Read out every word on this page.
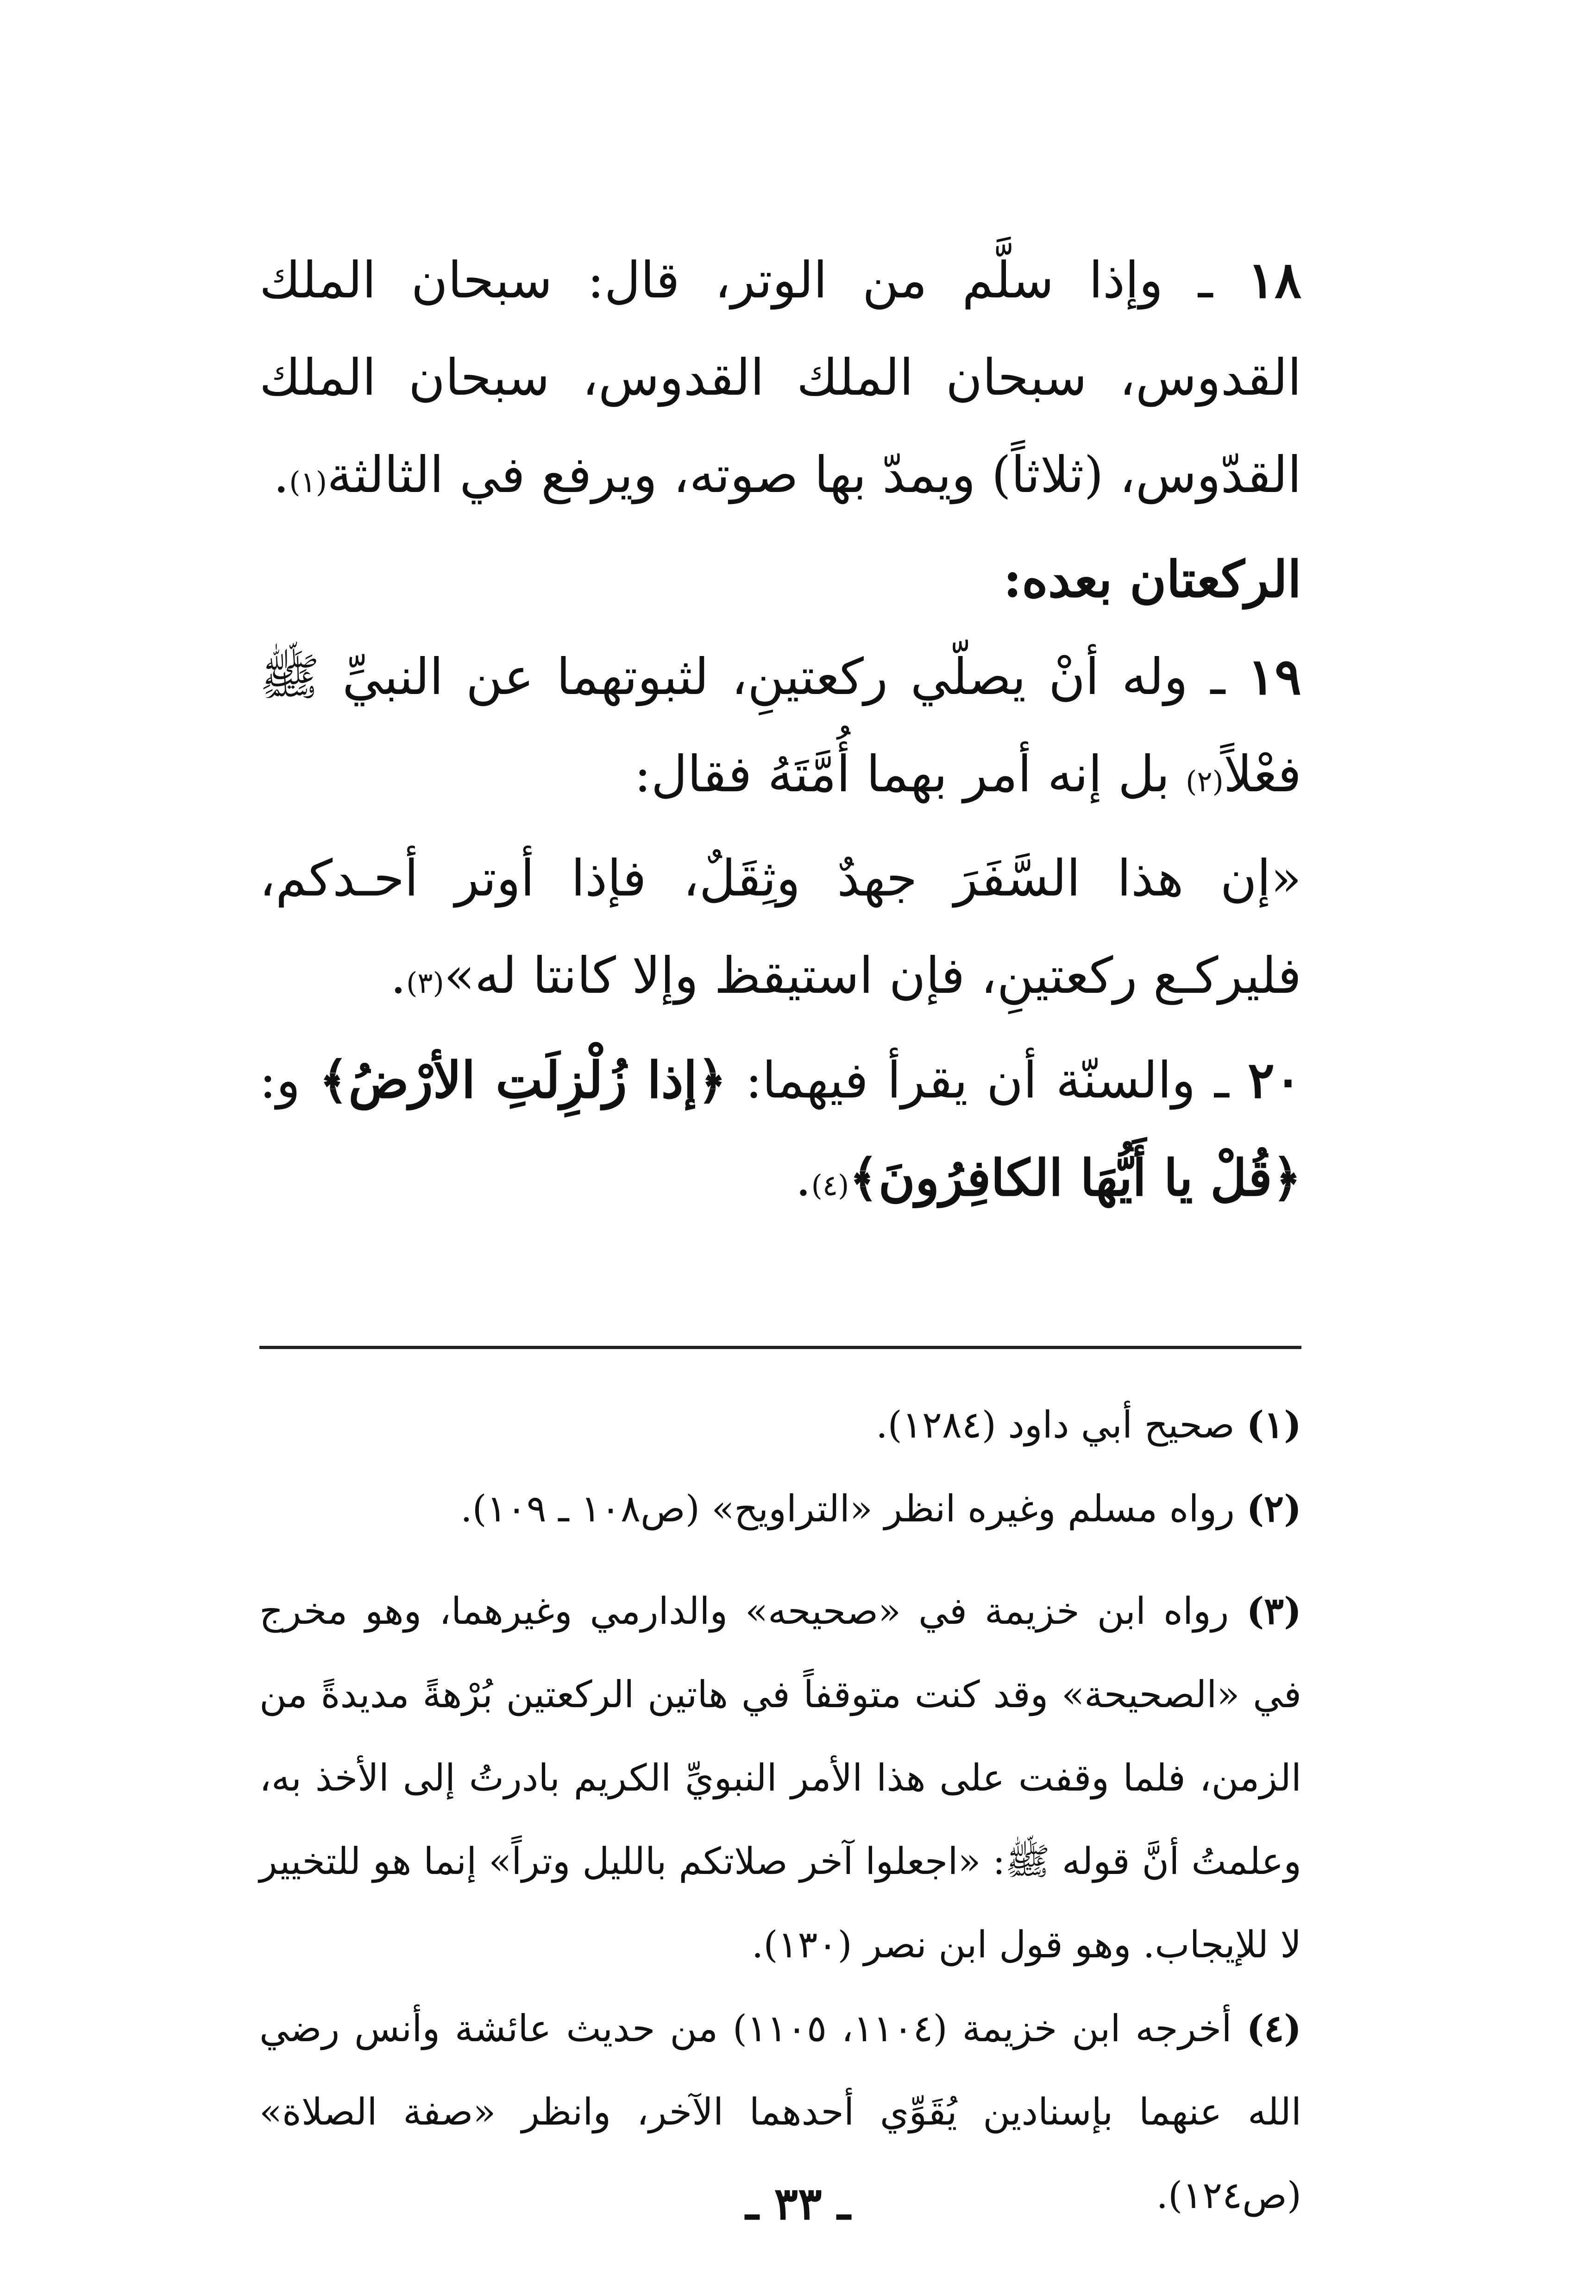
١٨ ـ وإذا سلَّم من الوتر، قال: سبحان الملك القدوس، سبحان الملك القدوس، سبحان الملك القدّوس، (ثلاثاً) ويمدّ بها صوته، ويرفع في الثالثة(١).

الركعتان بعده:

١٩ ـ وله أنْ يصلّي ركعتينِ، لثبوتهما عن النبيِّ ﷺ فعْلاً(٢) بل إنه أمر بهما أُمَّتَهُ فقال:

«إن هذا السَّفَرَ جهدٌ وثِقَلٌ، فإذا أوتر أحـدكم، فليركـع ركعتينِ، فإن استيقظ وإلا كانتا له»(٣).

٢٠ ـ والسنّة أن يقرأ فيهما: ﴿إذا زُلْزِلَتِ الأرْضُ﴾ و: ﴿قُلْ يا أَيُّهَا الكافِرُونَ﴾(٤).

(١) صحيح أبي داود (١٢٨٤).

(٢) رواه مسلم وغيره انظر «التراويح» (ص١٠٨ ـ ١٠٩).

(٣) رواه ابن خزيمة في «صحيحه» والدارمي وغيرهما، وهو مخرج في «الصحيحة» وقد كنت متوقفاً في هاتين الركعتين بُرْهةً مديدةً من الزمن، فلما وقفت على هذا الأمر النبويِّ الكريم بادرتُ إلى الأخذ به، وعلمتُ أنَّ قوله ﷺ: «اجعلوا آخر صلاتكم بالليل وتراً» إنما هو للتخيير لا للإيجاب. وهو قول ابن نصر (١٣٠).

(٤) أخرجه ابن خزيمة (١١٠٤، ١١٠٥) من حديث عائشة وأنس رضي الله عنهما بإسنادين يُقَوِّي أحدهما الآخر، وانظر «صفة الصلاة» (ص١٢٤).

ـ ٣٣ ـ
